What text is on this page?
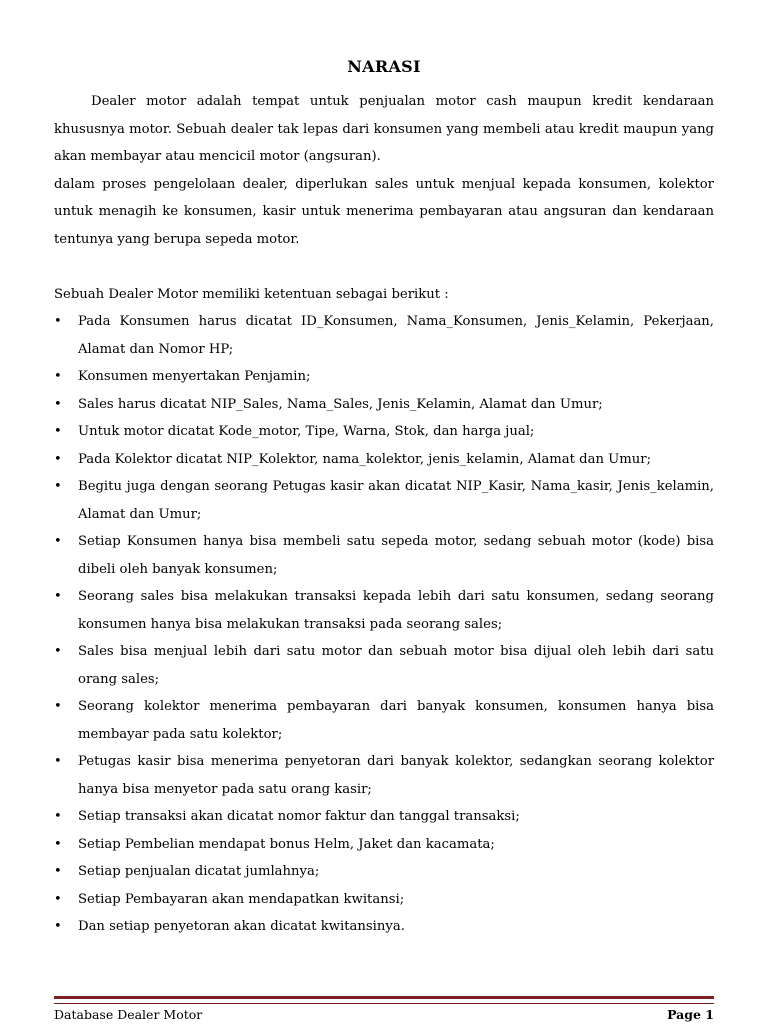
NARASI

Dealer motor adalah tempat untuk penjualan motor cash maupun kredit kendaraan khususnya motor. Sebuah dealer tak lepas dari konsumen yang membeli atau kredit maupun yang akan membayar atau mencicil motor (angsuran).

dalam proses pengelolaan dealer, diperlukan sales untuk menjual kepada konsumen, kolektor untuk menagih ke konsumen, kasir untuk menerima pembayaran atau angsuran dan kendaraan tentunya yang berupa sepeda motor.

Sebuah Dealer Motor memiliki ketentuan sebagai berikut :

• Pada Konsumen harus dicatat ID_Konsumen, Nama_Konsumen, Jenis_Kelamin, Pekerjaan, Alamat dan Nomor HP;
• Konsumen menyertakan Penjamin;
• Sales harus dicatat NIP_Sales, Nama_Sales, Jenis_Kelamin, Alamat dan Umur;
• Untuk motor dicatat Kode_motor, Tipe, Warna, Stok, dan harga jual;
• Pada Kolektor dicatat NIP_Kolektor, nama_kolektor, jenis_kelamin, Alamat dan Umur;
• Begitu juga dengan seorang Petugas kasir akan dicatat NIP_Kasir, Nama_kasir, Jenis_kelamin, Alamat dan Umur;
• Setiap Konsumen hanya bisa membeli satu sepeda motor, sedang sebuah motor (kode) bisa dibeli oleh banyak konsumen;
• Seorang sales bisa melakukan transaksi kepada lebih dari satu konsumen, sedang seorang konsumen hanya bisa melakukan transaksi pada seorang sales;
• Sales bisa menjual lebih dari satu motor dan sebuah motor bisa dijual oleh lebih dari satu orang sales;
• Seorang kolektor menerima pembayaran dari banyak konsumen, konsumen hanya bisa membayar pada satu kolektor;
• Petugas kasir bisa menerima penyetoran dari banyak kolektor, sedangkan seorang kolektor hanya bisa menyetor pada satu orang kasir;
• Setiap transaksi akan dicatat nomor faktur dan tanggal transaksi;
• Setiap Pembelian mendapat bonus Helm, Jaket dan kacamata;
• Setiap penjualan dicatat jumlahnya;
• Setiap Pembayaran akan mendapatkan kwitansi;
• Dan setiap penyetoran akan dicatat kwitansinya.
Database Dealer Motor	Page 1
